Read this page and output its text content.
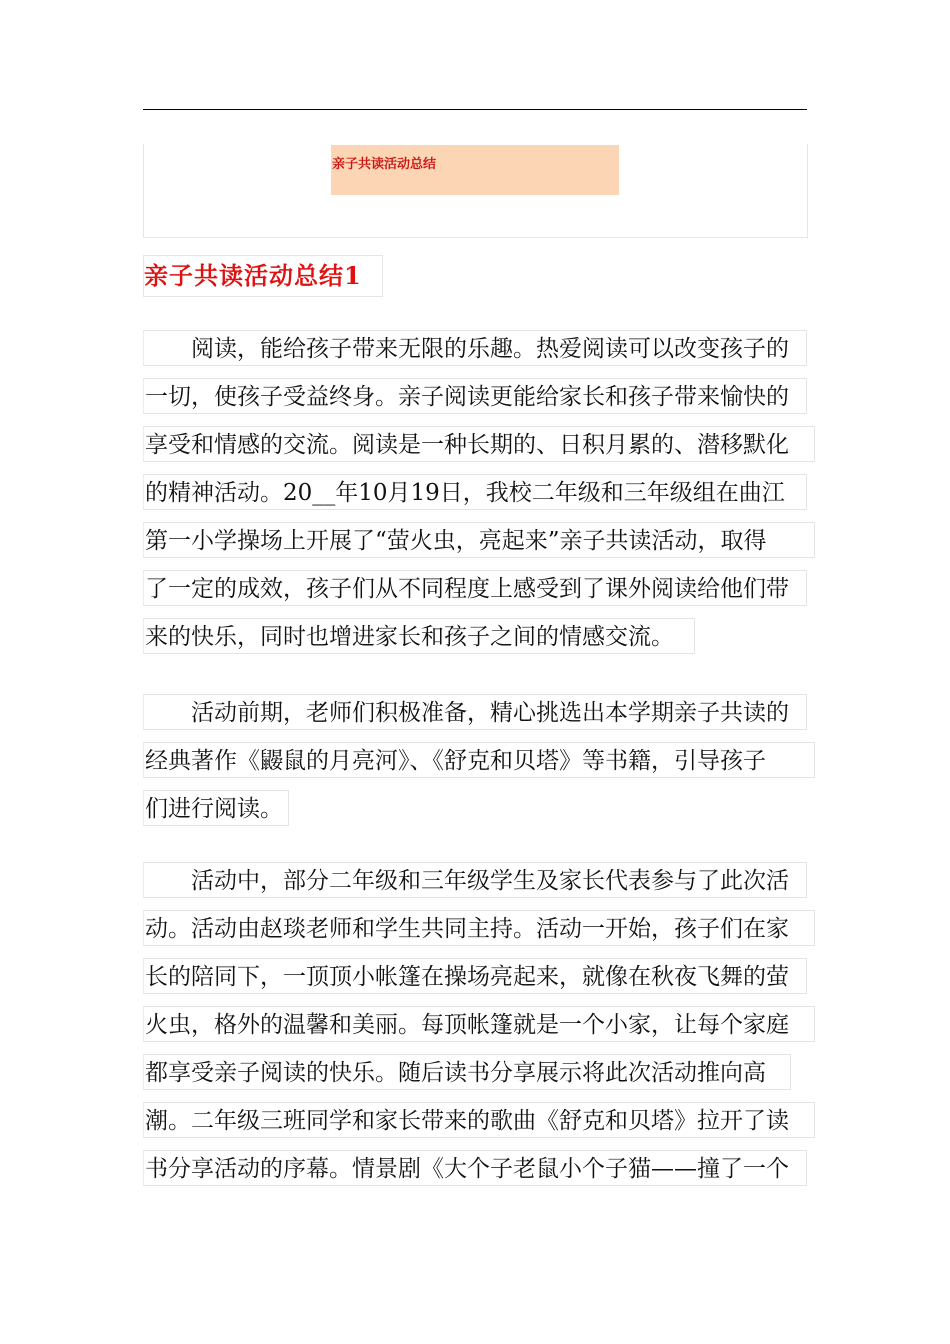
亲子共读活动总结
亲子共读活动总结1
　　阅读，能给孩子带来无限的乐趣。热爱阅读可以改变孩子的
一切，使孩子受益终身。亲子阅读更能给家长和孩子带来愉快的
享受和情感的交流。阅读是一种长期的、日积月累的、潜移默化
的精神活动。20__年10月19日，我校二年级和三年级组在曲江
第一小学操场上开展了“萤火虫，亮起来”亲子共读活动，取得
了一定的成效，孩子们从不同程度上感受到了课外阅读给他们带
来的快乐，同时也增进家长和孩子之间的情感交流。
　　活动前期，老师们积极准备，精心挑选出本学期亲子共读的
经典著作《鼹鼠的月亮河》、《舒克和贝塔》等书籍，引导孩子
们进行阅读。
　　活动中，部分二年级和三年级学生及家长代表参与了此次活
动。活动由赵琰老师和学生共同主持。活动一开始，孩子们在家
长的陪同下，一顶顶小帐篷在操场亮起来，就像在秋夜飞舞的萤
火虫，格外的温馨和美丽。每顶帐篷就是一个小家，让每个家庭
都享受亲子阅读的快乐。随后读书分享展示将此次活动推向高
潮。二年级三班同学和家长带来的歌曲《舒克和贝塔》拉开了读
书分享活动的序幕。情景剧《大个子老鼠小个子猫——撞了一个
